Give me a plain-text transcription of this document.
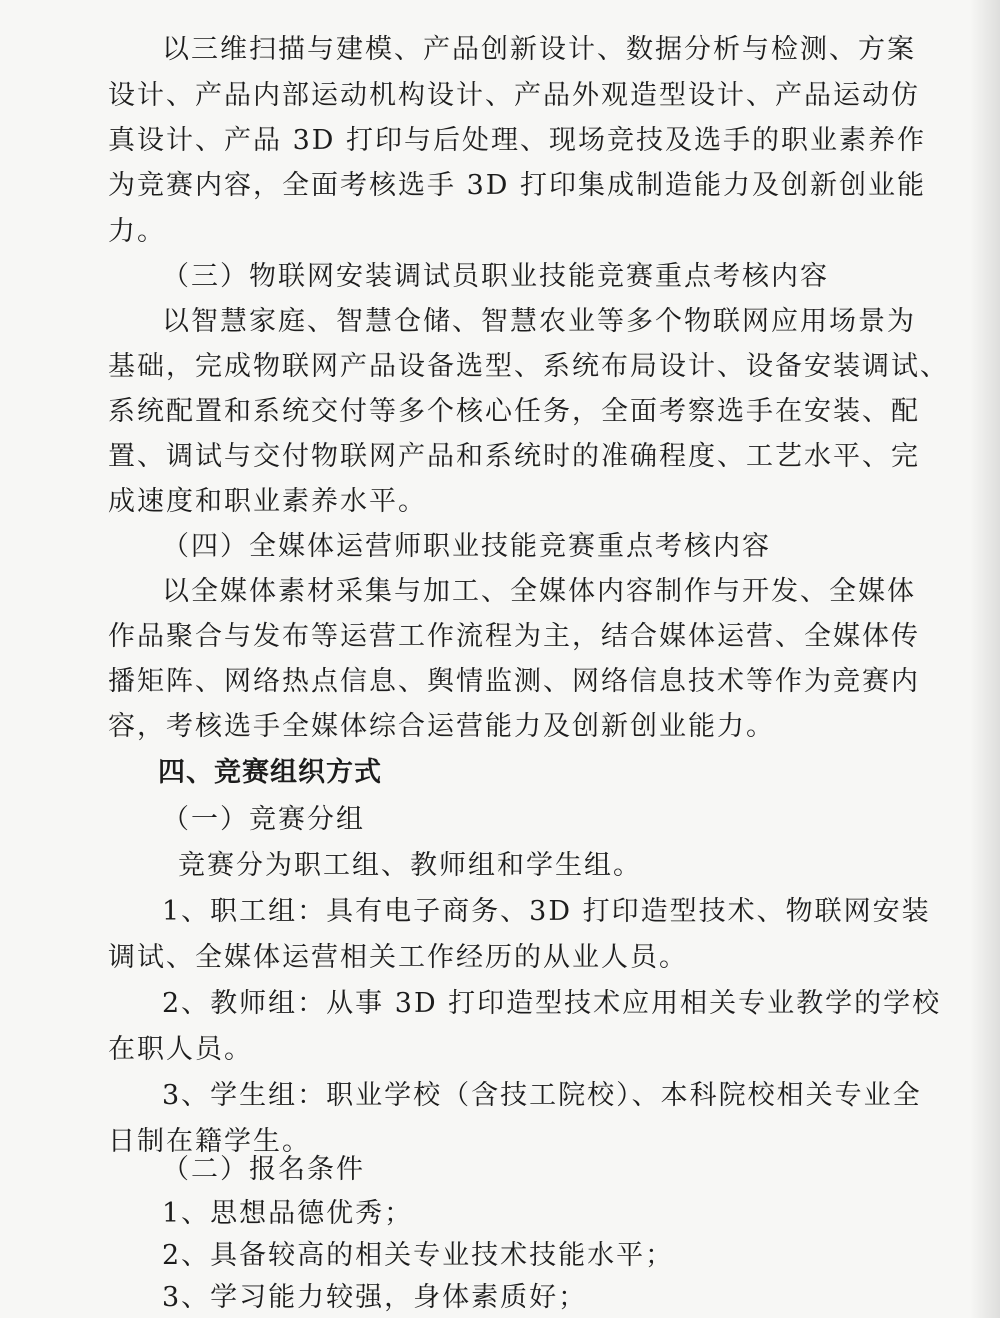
以三维扫描与建模、产品创新设计、数据分析与检测、方案
设计、产品内部运动机构设计、产品外观造型设计、产品运动仿
真设计、产品 3D 打印与后处理、现场竞技及选手的职业素养作
为竞赛内容，全面考核选手 3D 打印集成制造能力及创新创业能
力。
（三）物联网安装调试员职业技能竞赛重点考核内容
以智慧家庭、智慧仓储、智慧农业等多个物联网应用场景为
基础，完成物联网产品设备选型、系统布局设计、设备安装调试、
系统配置和系统交付等多个核心任务，全面考察选手在安装、配
置、调试与交付物联网产品和系统时的准确程度、工艺水平、完
成速度和职业素养水平。
（四）全媒体运营师职业技能竞赛重点考核内容
以全媒体素材采集与加工、全媒体内容制作与开发、全媒体
作品聚合与发布等运营工作流程为主，结合媒体运营、全媒体传
播矩阵、网络热点信息、舆情监测、网络信息技术等作为竞赛内
容，考核选手全媒体综合运营能力及创新创业能力。
四、竞赛组织方式
（一）竞赛分组
竞赛分为职工组、教师组和学生组。
1、职工组：具有电子商务、3D 打印造型技术、物联网安装
调试、全媒体运营相关工作经历的从业人员。
2、教师组：从事 3D 打印造型技术应用相关专业教学的学校
在职人员。
3、学生组：职业学校（含技工院校）、本科院校相关专业全
日制在籍学生。
（二）报名条件
1、思想品德优秀；
2、具备较高的相关专业技术技能水平；
3、学习能力较强，身体素质好；
